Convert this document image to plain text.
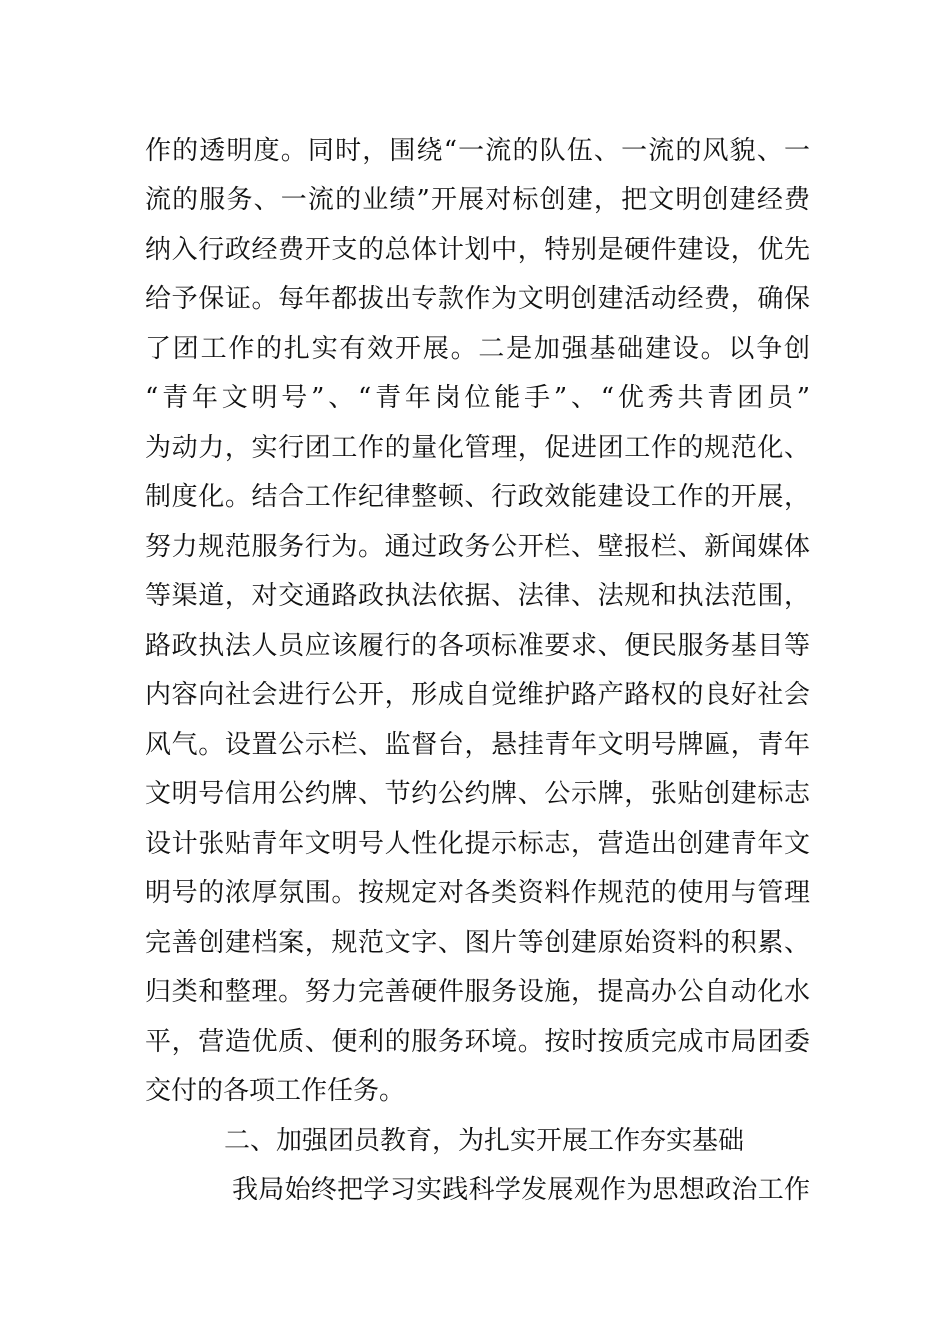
作的透明度。同时，围绕“一流的队伍、一流的风貌、一
流的服务、一流的业绩”开展对标创建，把文明创建经费
纳入行政经费开支的总体计划中，特别是硬件建设，优先
给予保证。每年都拔出专款作为文明创建活动经费，确保
了团工作的扎实有效开展。二是加强基础建设。以争创
“青年文明号”、“青年岗位能手”、“优秀共青团员”
为动力，实行团工作的量化管理，促进团工作的规范化、
制度化。结合工作纪律整顿、行政效能建设工作的开展，
努力规范服务行为。通过政务公开栏、壁报栏、新闻媒体
等渠道，对交通路政执法依据、法律、法规和执法范围，
路政执法人员应该履行的各项标准要求、便民服务基目等
内容向社会进行公开，形成自觉维护路产路权的良好社会
风气。设置公示栏、监督台，悬挂青年文明号牌匾，青年
文明号信用公约牌、节约公约牌、公示牌，张贴创建标志
设计张贴青年文明号人性化提示标志，营造出创建青年文
明号的浓厚氛围。按规定对各类资料作规范的使用与管理
完善创建档案，规范文字、图片等创建原始资料的积累、
归类和整理。努力完善硬件服务设施，提高办公自动化水
平，营造优质、便利的服务环境。按时按质完成市局团委
交付的各项工作任务。
二、加强团员教育，为扎实开展工作夯实基础
我局始终把学习实践科学发展观作为思想政治工作
